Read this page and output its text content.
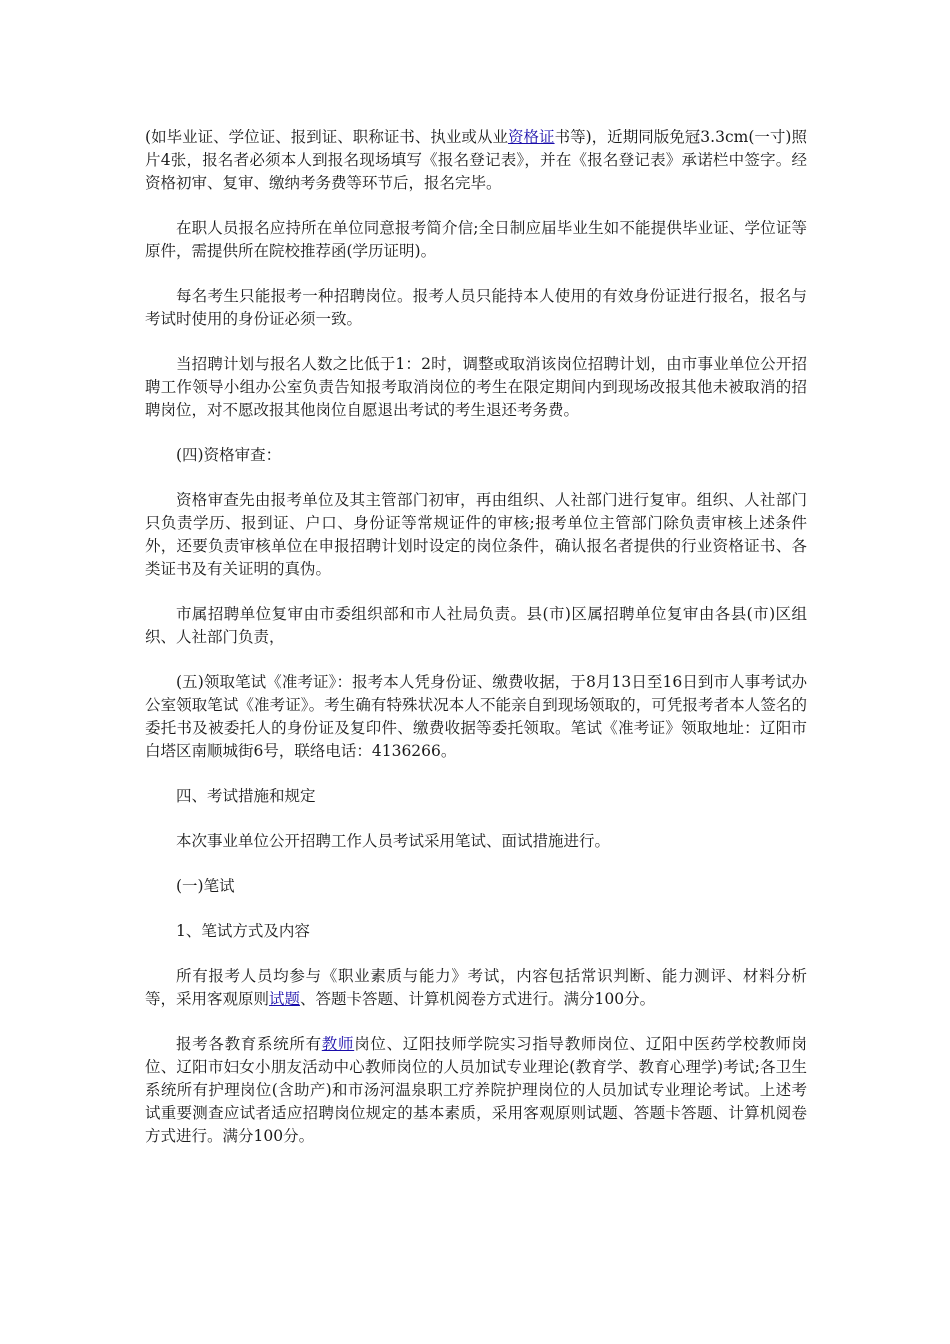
(如毕业证、学位证、报到证、职称证书、执业或从业资格证书等)，近期同版免冠3.3cm(一寸)照片4张，报名者必须本人到报名现场填写《报名登记表》，并在《报名登记表》承诺栏中签字。经资格初审、复审、缴纳考务费等环节后，报名完毕。

在职人员报名应持所在单位同意报考简介信;全日制应届毕业生如不能提供毕业证、学位证等原件，需提供所在院校推荐函(学历证明)。

每名考生只能报考一种招聘岗位。报考人员只能持本人使用的有效身份证进行报名，报名与考试时使用的身份证必须一致。

当招聘计划与报名人数之比低于1：2时，调整或取消该岗位招聘计划，由市事业单位公开招聘工作领导小组办公室负责告知报考取消岗位的考生在限定期间内到现场改报其他未被取消的招聘岗位，对不愿改报其他岗位自愿退出考试的考生退还考务费。

(四)资格审查：

资格审查先由报考单位及其主管部门初审，再由组织、人社部门进行复审。组织、人社部门只负责学历、报到证、户口、身份证等常规证件的审核;报考单位主管部门除负责审核上述条件外，还要负责审核单位在申报招聘计划时设定的岗位条件，确认报名者提供的行业资格证书、各类证书及有关证明的真伪。

市属招聘单位复审由市委组织部和市人社局负责。县(市)区属招聘单位复审由各县(市)区组织、人社部门负责，

(五)领取笔试《准考证》：报考本人凭身份证、缴费收据，于8月13日至16日到市人事考试办公室领取笔试《准考证》。考生确有特殊状况本人不能亲自到现场领取的，可凭报考者本人签名的委托书及被委托人的身份证及复印件、缴费收据等委托领取。笔试《准考证》领取地址：辽阳市白塔区南顺城街6号，联络电话：4136266。

四、考试措施和规定

本次事业单位公开招聘工作人员考试采用笔试、面试措施进行。

(一)笔试

1、笔试方式及内容

所有报考人员均参与《职业素质与能力》考试，内容包括常识判断、能力测评、材料分析等，采用客观原则试题、答题卡答题、计算机阅卷方式进行。满分100分。

报考各教育系统所有教师岗位、辽阳技师学院实习指导教师岗位、辽阳中医药学校教师岗位、辽阳市妇女小朋友活动中心教师岗位的人员加试专业理论(教育学、教育心理学)考试;各卫生系统所有护理岗位(含助产)和市汤河温泉职工疗养院护理岗位的人员加试专业理论考试。上述考试重要测查应试者适应招聘岗位规定的基本素质，采用客观原则试题、答题卡答题、计算机阅卷方式进行。满分100分。
